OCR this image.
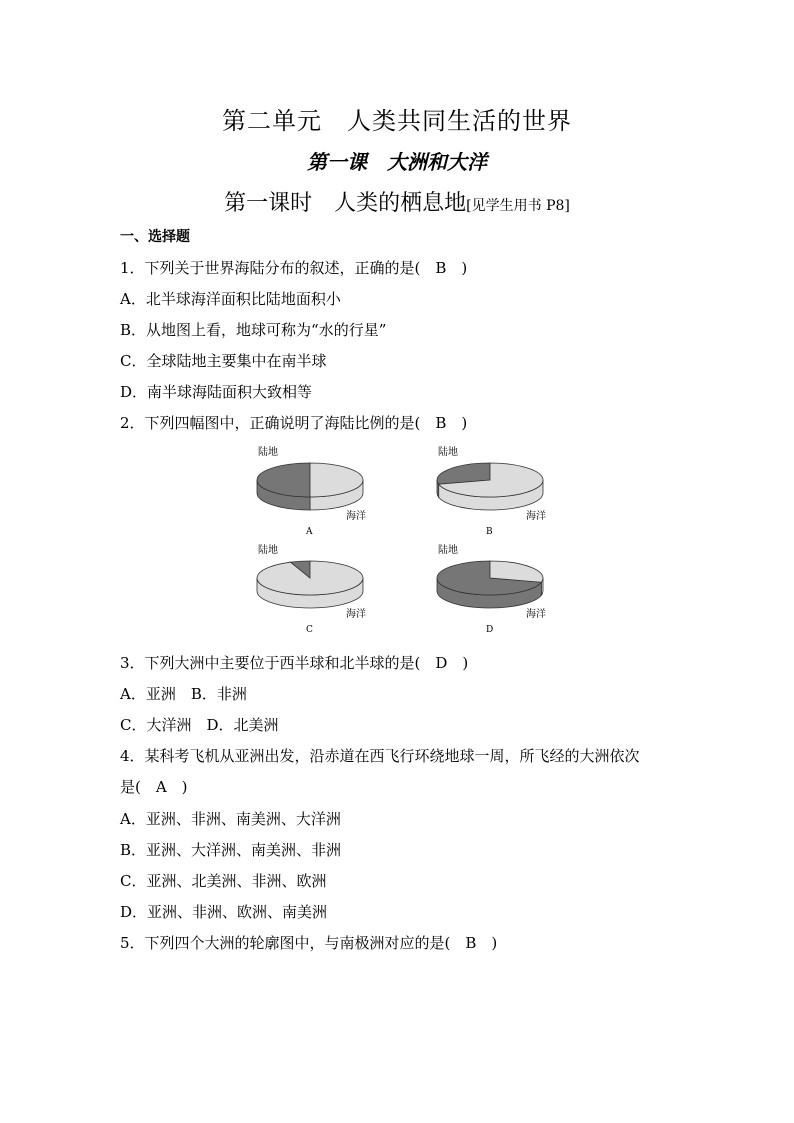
第二单元　人类共同生活的世界
第一课　大洲和大洋
第一课时　人类的栖息地[见学生用书 P8]
一、选择题
1．下列关于世界海陆分布的叙述，正确的是(　B　)
A．北半球海洋面积比陆地面积小
B．从地图上看，地球可称为“水的行星”
C．全球陆地主要集中在南半球
D．南半球海陆面积大致相等
2．下列四幅图中，正确说明了海陆比例的是(　B　)
陆地
海洋
A
陆地
海洋
B
陆地
海洋
C
陆地
海洋
D
3．下列大洲中主要位于西半球和北半球的是(　D　)
A．亚洲　B．非洲
C．大洋洲　D．北美洲
4．某科考飞机从亚洲出发，沿赤道在西飞行环绕地球一周，所飞经的大洲依次
是(　A　)
A．亚洲、非洲、南美洲、大洋洲
B．亚洲、大洋洲、南美洲、非洲
C．亚洲、北美洲、非洲、欧洲
D．亚洲、非洲、欧洲、南美洲
5．下列四个大洲的轮廓图中，与南极洲对应的是(　B　)
